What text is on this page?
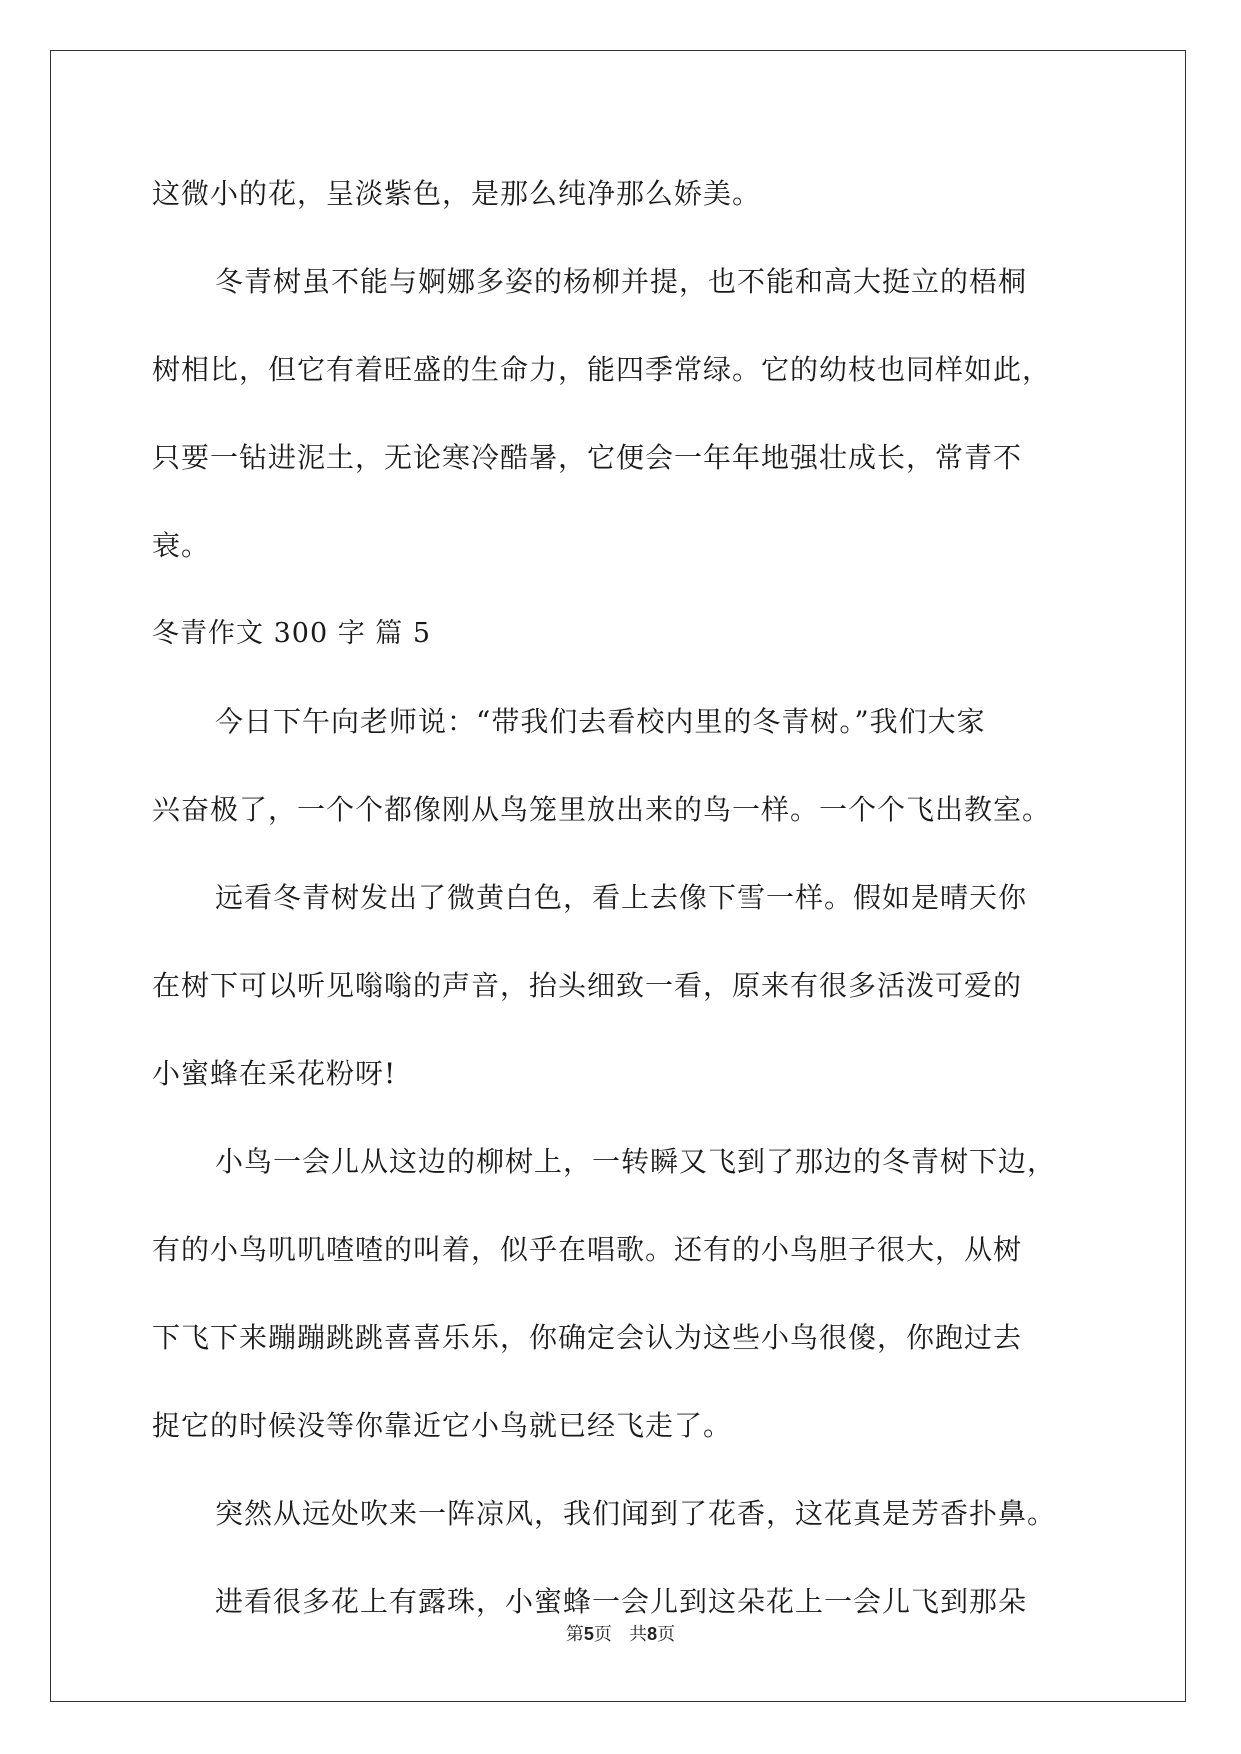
这微小的花，呈淡紫色，是那么纯净那么娇美。
冬青树虽不能与婀娜多姿的杨柳并提，也不能和高大挺立的梧桐
树相比，但它有着旺盛的生命力，能四季常绿。它的幼枝也同样如此，
只要一钻进泥土，无论寒冷酷暑，它便会一年年地强壮成长，常青不
衰。
冬青作文 300 字 篇 5
今日下午向老师说：“带我们去看校内里的冬青树。”我们大家
兴奋极了，一个个都像刚从鸟笼里放出来的鸟一样。一个个飞出教室。
远看冬青树发出了微黄白色，看上去像下雪一样。假如是晴天你
在树下可以听见嗡嗡的声音，抬头细致一看，原来有很多活泼可爱的
小蜜蜂在采花粉呀!
小鸟一会儿从这边的柳树上，一转瞬又飞到了那边的冬青树下边，
有的小鸟叽叽喳喳的叫着，似乎在唱歌。还有的小鸟胆子很大，从树
下飞下来蹦蹦跳跳喜喜乐乐，你确定会认为这些小鸟很傻，你跑过去
捉它的时候没等你靠近它小鸟就已经飞走了。
突然从远处吹来一阵凉风，我们闻到了花香，这花真是芳香扑鼻。
进看很多花上有露珠，小蜜蜂一会儿到这朵花上一会儿飞到那朵
第5页 共8页
